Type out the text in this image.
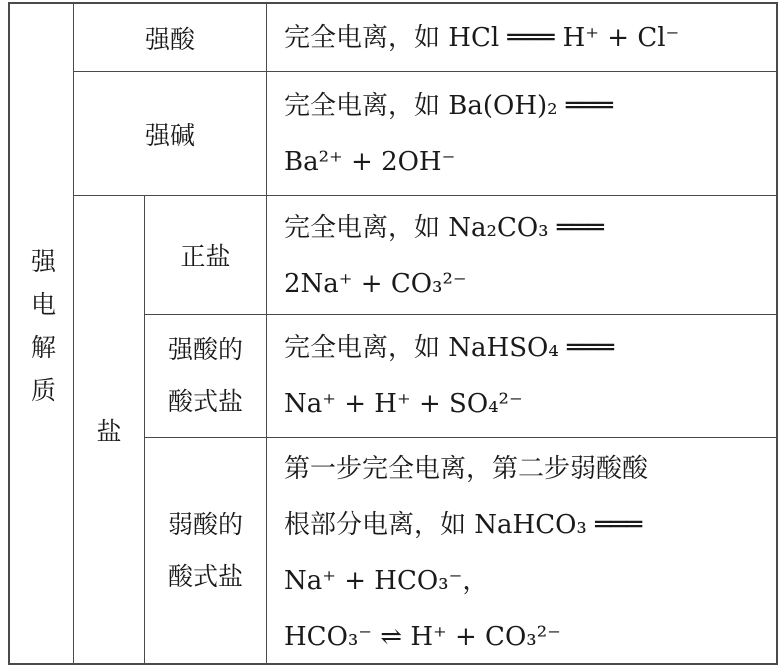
强电解质
强酸	完全电离，如 HCl ═══ H⁺ + Cl⁻
强碱
完全电离，如 Ba(OH)₂ ═══
Ba²⁺ + 2OH⁻
盐
正盐
完全电离，如 Na₂CO₃ ═══
2Na⁺ + CO₃²⁻
强酸的
酸式盐
完全电离，如 NaHSO₄ ═══
Na⁺ + H⁺ + SO₄²⁻
弱酸的
酸式盐
第一步完全电离，第二步弱酸酸
根部分电离，如 NaHCO₃ ═══
Na⁺ + HCO₃⁻，
HCO₃⁻ ⇌ H⁺ + CO₃²⁻
